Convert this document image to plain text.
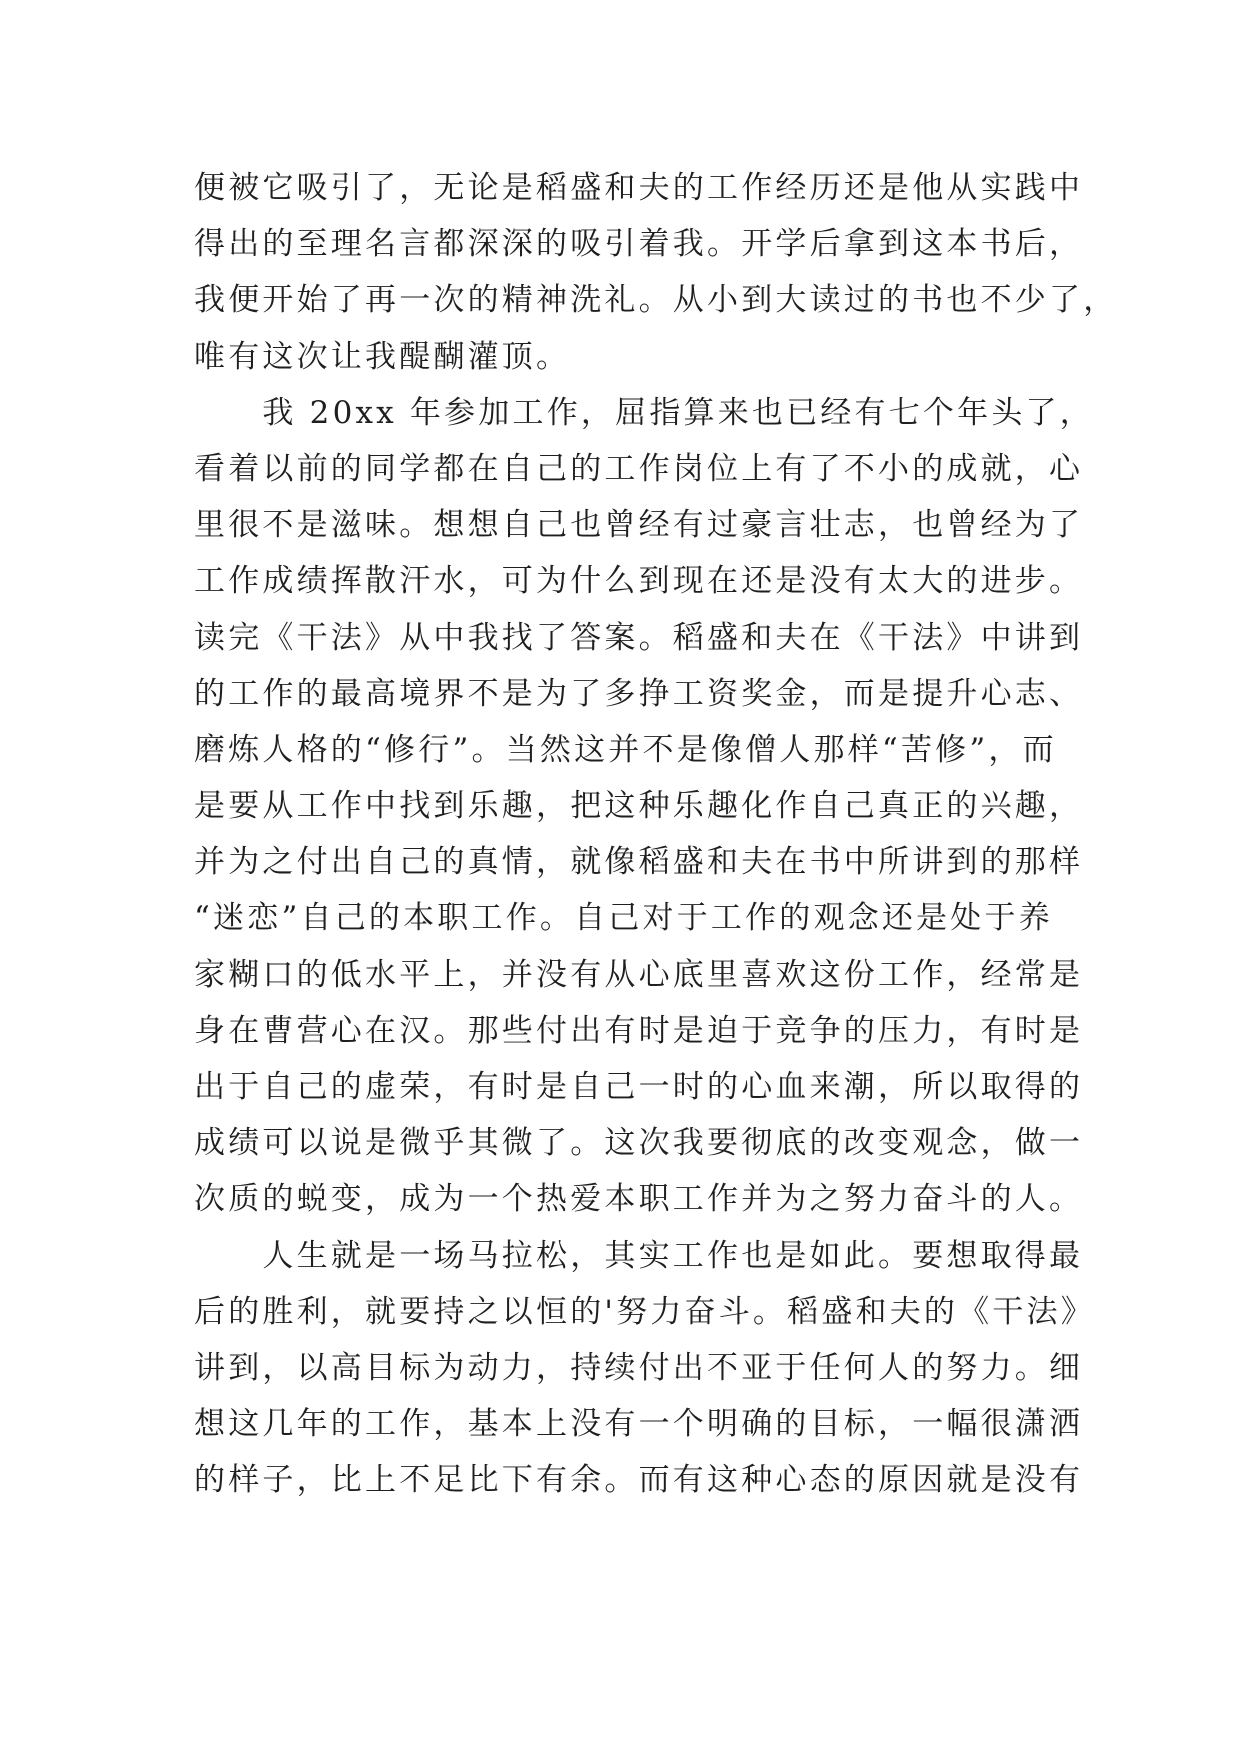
便被它吸引了，无论是稻盛和夫的工作经历还是他从实践中
得出的至理名言都深深的吸引着我。开学后拿到这本书后，
我便开始了再一次的精神洗礼。从小到大读过的书也不少了，
唯有这次让我醍醐灌顶。
　　我 20xx 年参加工作，屈指算来也已经有七个年头了，
看着以前的同学都在自己的工作岗位上有了不小的成就，心
里很不是滋味。想想自己也曾经有过豪言壮志，也曾经为了
工作成绩挥散汗水，可为什么到现在还是没有太大的进步。
读完《干法》从中我找了答案。稻盛和夫在《干法》中讲到
的工作的最高境界不是为了多挣工资奖金，而是提升心志、
磨炼人格的“修行”。当然这并不是像僧人那样“苦修”，而
是要从工作中找到乐趣，把这种乐趣化作自己真正的兴趣，
并为之付出自己的真情，就像稻盛和夫在书中所讲到的那样
“迷恋”自己的本职工作。自己对于工作的观念还是处于养
家糊口的低水平上，并没有从心底里喜欢这份工作，经常是
身在曹营心在汉。那些付出有时是迫于竞争的压力，有时是
出于自己的虚荣，有时是自己一时的心血来潮，所以取得的
成绩可以说是微乎其微了。这次我要彻底的改变观念，做一
次质的蜕变，成为一个热爱本职工作并为之努力奋斗的人。
　　人生就是一场马拉松，其实工作也是如此。要想取得最
后的胜利，就要持之以恒的'努力奋斗。稻盛和夫的《干法》
讲到，以高目标为动力，持续付出不亚于任何人的努力。细
想这几年的工作，基本上没有一个明确的目标，一幅很潇洒
的样子，比上不足比下有余。而有这种心态的原因就是没有
